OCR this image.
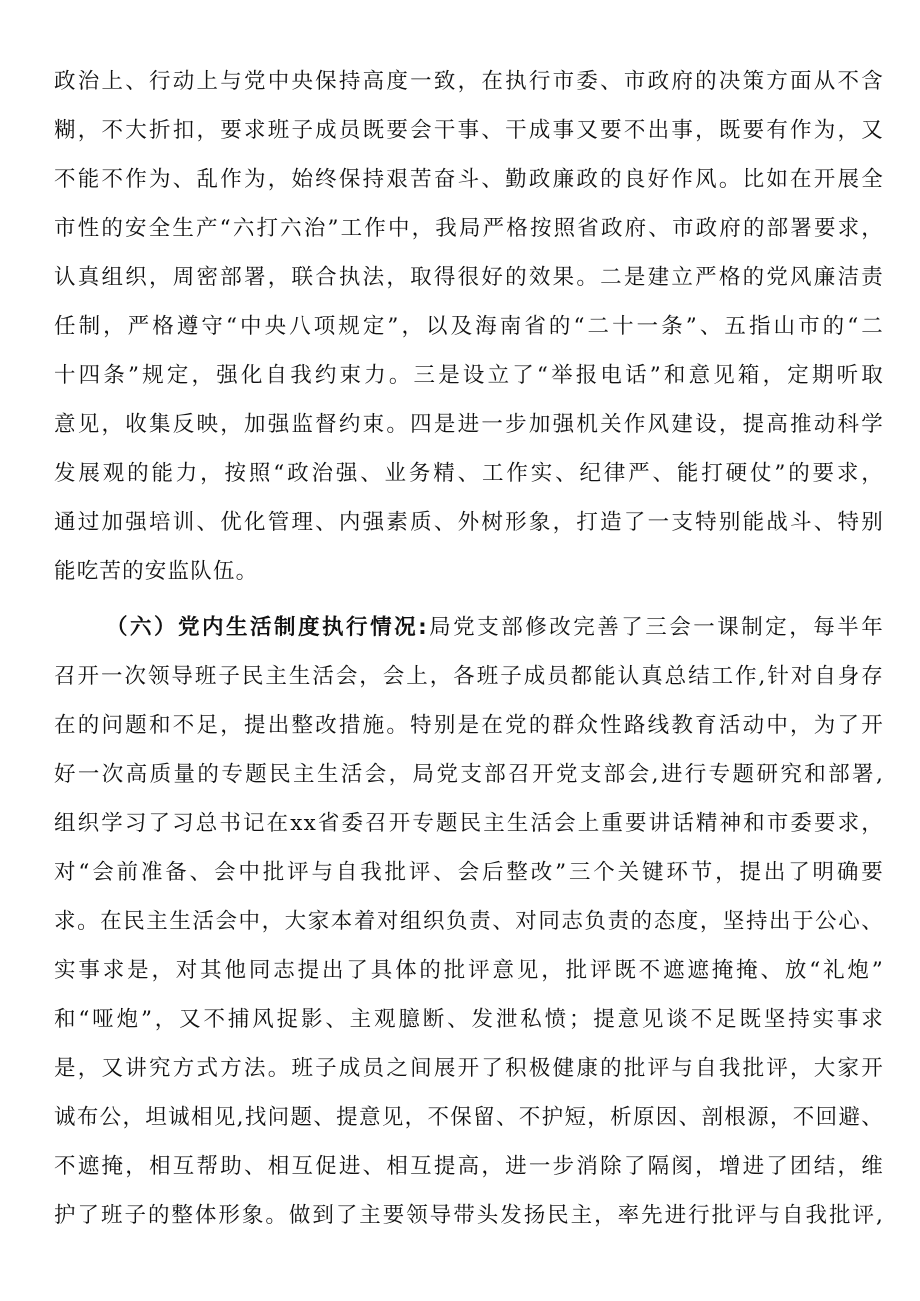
政治上、行动上与党中央保持高度一致，在执行市委、市政府的决策方面从不含
糊，不大折扣，要求班子成员既要会干事、干成事又要不出事，既要有作为，又
不能不作为、乱作为，始终保持艰苦奋斗、勤政廉政的良好作风。比如在开展全
市性的安全生产“六打六治”工作中，我局严格按照省政府、市政府的部署要求，
认真组织，周密部署，联合执法，取得很好的效果。二是建立严格的党风廉洁责
任制，严格遵守“中央八项规定”，以及海南省的“二十一条”、五指山市的“二
十四条”规定，强化自我约束力。三是设立了“举报电话”和意见箱，定期听取
意见，收集反映，加强监督约束。四是进一步加强机关作风建设，提高推动科学
发展观的能力，按照“政治强、业务精、工作实、纪律严、能打硬仗”的要求，
通过加强培训、优化管理、内强素质、外树形象，打造了一支特别能战斗、特别
能吃苦的安监队伍。
（六）党内生活制度执行情况:局党支部修改完善了三会一课制定，每半年
召开一次领导班子民主生活会，会上，各班子成员都能认真总结工作,针对自身存
在的问题和不足，提出整改措施。特别是在党的群众性路线教育活动中，为了开
好一次高质量的专题民主生活会，局党支部召开党支部会,进行专题研究和部署,
组织学习了习总书记在xx省委召开专题民主生活会上重要讲话精神和市委要求，
对“会前准备、会中批评与自我批评、会后整改”三个关键环节，提出了明确要
求。在民主生活会中，大家本着对组织负责、对同志负责的态度，坚持出于公心、
实事求是，对其他同志提出了具体的批评意见，批评既不遮遮掩掩、放“礼炮”
和“哑炮”，又不捕风捉影、主观臆断、发泄私愤；提意见谈不足既坚持实事求
是，又讲究方式方法。班子成员之间展开了积极健康的批评与自我批评，大家开
诚布公，坦诚相见,找问题、提意见，不保留、不护短，析原因、剖根源，不回避、
不遮掩，相互帮助、相互促进、相互提高，进一步消除了隔阂，增进了团结，维
护了班子的整体形象。做到了主要领导带头发扬民主，率先进行批评与自我批评,
